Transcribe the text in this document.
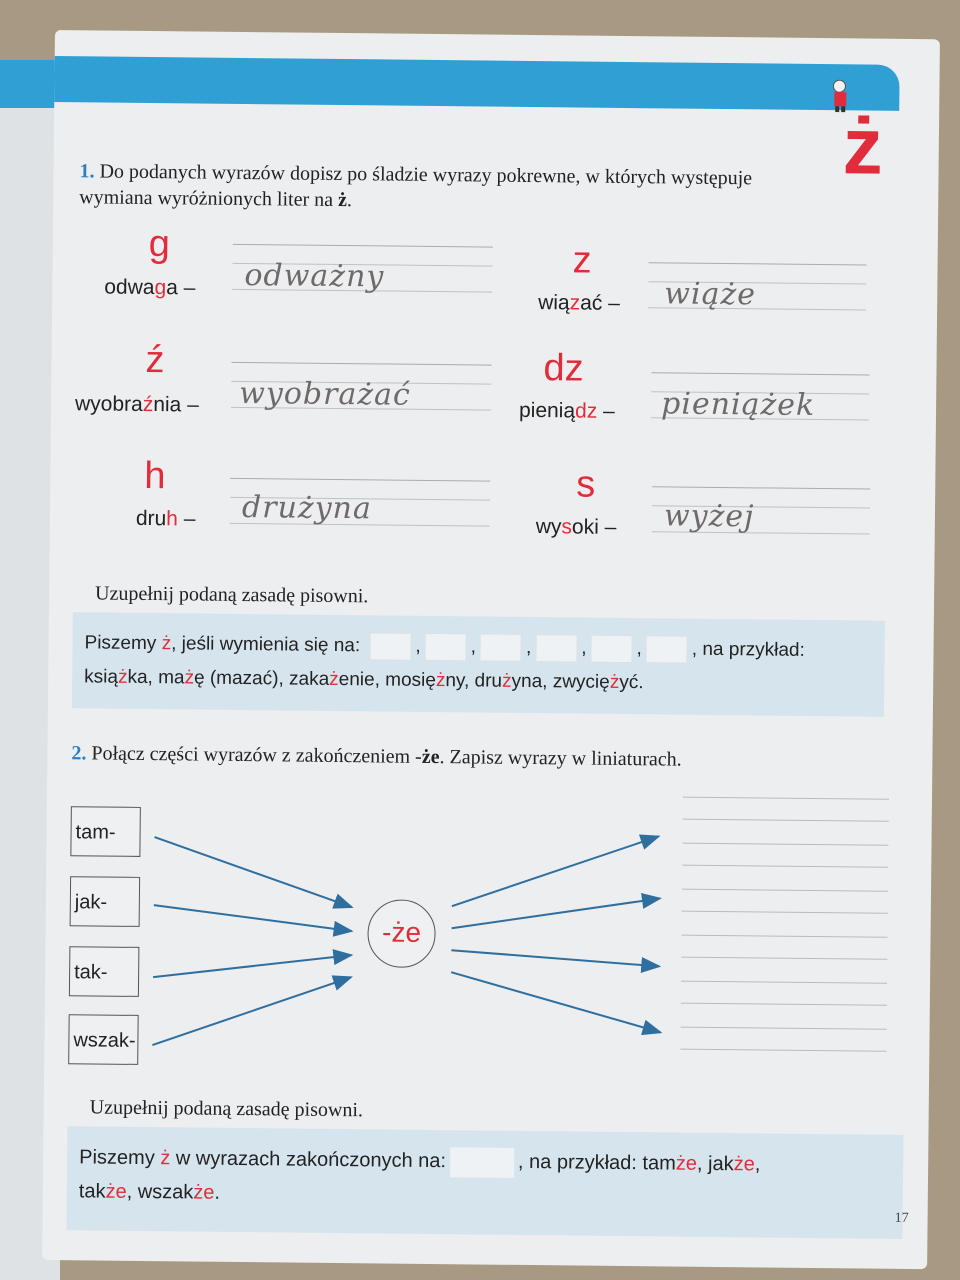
ż
1. Do podanych wyrazów dopisz po śladzie wyrazy pokrewne, w których występuje wymiana wyróżnionych liter na ż.
g
odwaga – odważny	z
wiązać – wiąże
ź
wyobraźnia – wyobrażać
dz
pieniądz – pieniążek
h
druh – drużyna
s
wysoki – wyżej
Uzupełnij podaną zasadę pisowni.
Piszemy ż, jeśli wymienia się na:	,	,	,	,	,	, na przykład:
książka, mażę (mazać), zakażenie, mosiężny, drużyna, zwyciężyć.
2. Połącz części wyrazów z zakończeniem -że. Zapisz wyrazy w liniaturach.
tam-
jak-
tak-
wszak-
-że
Uzupełnij podaną zasadę pisowni.
Piszemy ż w wyrazach zakończonych na:	, na przykład: tamże, jakże,
także, wszakże.
17
